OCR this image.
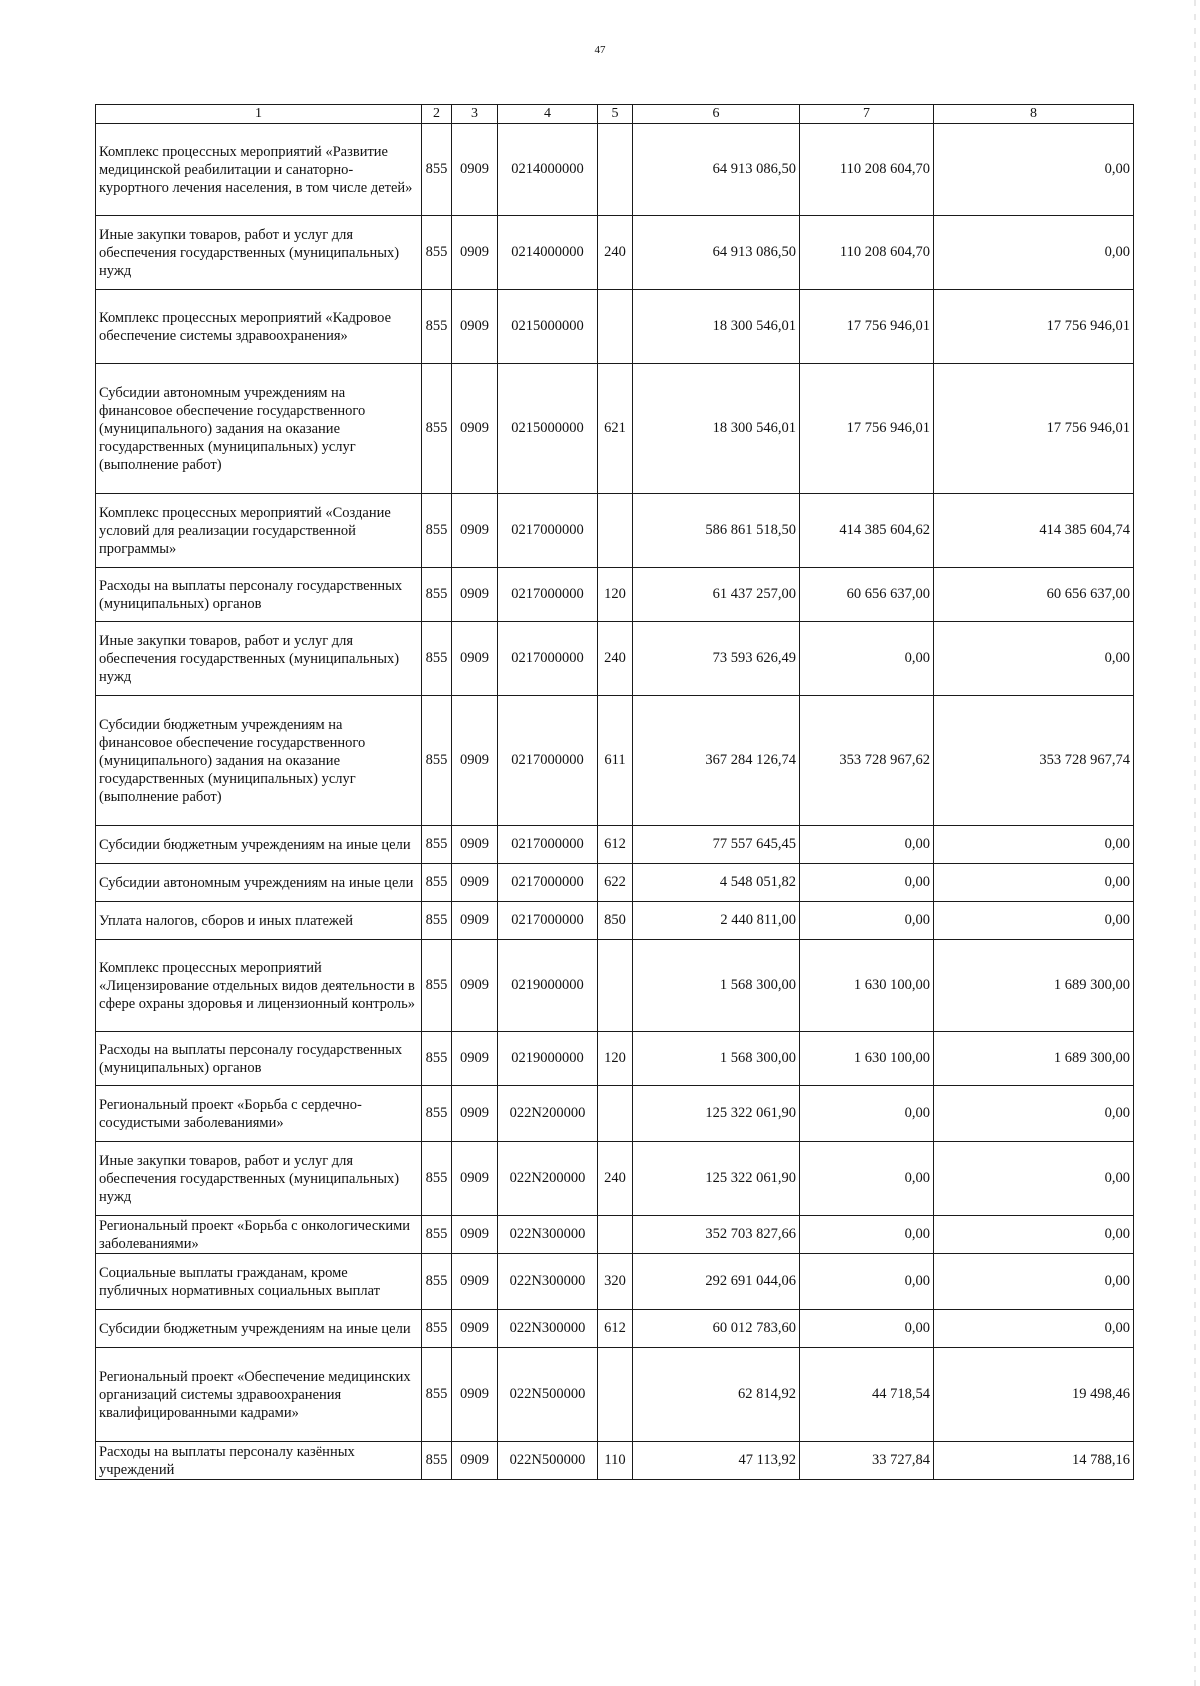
47
1	2	3	4	5	6	7	8
Комплекс процессных мероприятий «Развитие медицинской реабилитации и санаторно-курортного лечения населения, в том числе детей»	855	0909	0214000000		64 913 086,50	110 208 604,70	0,00
Иные закупки товаров, работ и услуг для обеспечения государственных (муниципальных) нужд	855	0909	0214000000	240	64 913 086,50	110 208 604,70	0,00
Комплекс процессных мероприятий «Кадровое обеспечение системы здравоохранения»	855	0909	0215000000		18 300 546,01	17 756 946,01	17 756 946,01
Субсидии автономным учреждениям на финансовое обеспечение государственного (муниципального) задания на оказание государственных (муниципальных) услуг (выполнение работ)	855	0909	0215000000	621	18 300 546,01	17 756 946,01	17 756 946,01
Комплекс процессных мероприятий «Создание условий для реализации государственной программы»	855	0909	0217000000		586 861 518,50	414 385 604,62	414 385 604,74
Расходы на выплаты персоналу государственных (муниципальных) органов	855	0909	0217000000	120	61 437 257,00	60 656 637,00	60 656 637,00
Иные закупки товаров, работ и услуг для обеспечения государственных (муниципальных) нужд	855	0909	0217000000	240	73 593 626,49	0,00	0,00
Субсидии бюджетным учреждениям на финансовое обеспечение государственного (муниципального) задания на оказание государственных (муниципальных) услуг (выполнение работ)	855	0909	0217000000	611	367 284 126,74	353 728 967,62	353 728 967,74
Субсидии бюджетным учреждениям на иные цели	855	0909	0217000000	612	77 557 645,45	0,00	0,00
Субсидии автономным учреждениям на иные цели	855	0909	0217000000	622	4 548 051,82	0,00	0,00
Уплата налогов, сборов и иных платежей	855	0909	0217000000	850	2 440 811,00	0,00	0,00
Комплекс процессных мероприятий «Лицензирование отдельных видов деятельности в сфере охраны здоровья и лицензионный контроль»	855	0909	0219000000		1 568 300,00	1 630 100,00	1 689 300,00
Расходы на выплаты персоналу государственных (муниципальных) органов	855	0909	0219000000	120	1 568 300,00	1 630 100,00	1 689 300,00
Региональный проект «Борьба с сердечно-сосудистыми заболеваниями»	855	0909	022N200000		125 322 061,90	0,00	0,00
Иные закупки товаров, работ и услуг для обеспечения государственных (муниципальных) нужд	855	0909	022N200000	240	125 322 061,90	0,00	0,00
Региональный проект «Борьба с онкологическими заболеваниями»	855	0909	022N300000		352 703 827,66	0,00	0,00
Социальные выплаты гражданам, кроме публичных нормативных социальных выплат	855	0909	022N300000	320	292 691 044,06	0,00	0,00
Субсидии бюджетным учреждениям на иные цели	855	0909	022N300000	612	60 012 783,60	0,00	0,00
Региональный проект «Обеспечение медицинских организаций системы здравоохранения квалифицированными кадрами»	855	0909	022N500000		62 814,92	44 718,54	19 498,46
Расходы на выплаты персоналу казённых учреждений	855	0909	022N500000	110	47 113,92	33 727,84	14 788,16
